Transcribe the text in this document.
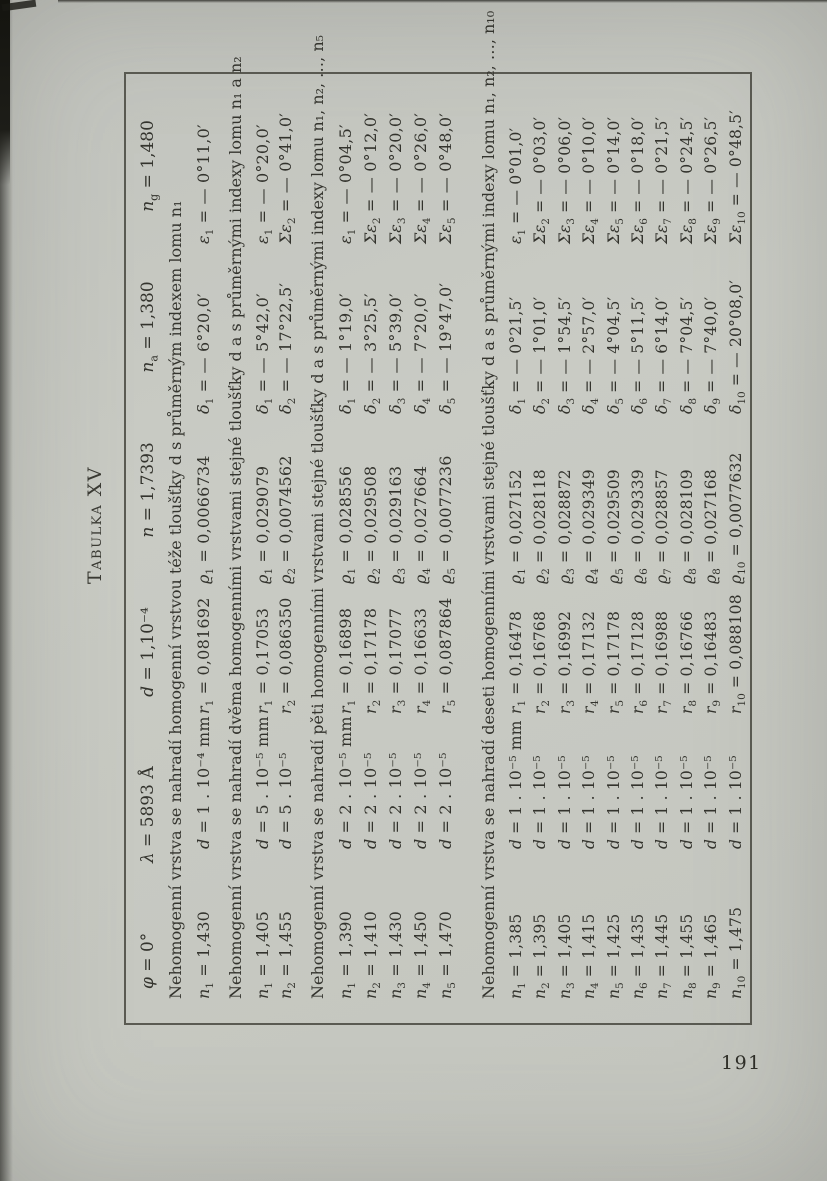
Tabulka XV
φ = 0°
λ = 5893 Å
d = 1,10⁻⁴
n = 1,7393
$n_a = 1,380$
$n_g = 1,480$
Nehomogenní vrstva se nahradí homogenní vrstvou téže tloušťky d s průměrným indexem lomu n₁ $n_1 = 1,430$
d = 1 . 10⁻⁴ mm
$r_1 = 0,081692$
$ϱ_1 = 0,0066734$
$\delta_1$ = — 6°20,0′
$\varepsilon_1$ = — 0°11,0′ Nehomogenní vrstva se nahradí dvěma homogenními vrstvami stejné tloušťky d a s průměrnými indexy lomu n₁ a n₂ $n_1 = 1,405$
d = 5 . 10⁻⁵ mm
$r_1 = 0,17053$
$ϱ_1 = 0,029079$
$\delta_1$ = — 5°42,0′
$\varepsilon_1$ = — 0°20,0′
$n_2 = 1,455$
d = 5 . 10⁻⁵
$r_2 = 0,086350$
$ϱ_2 = 0,0074562$
$\delta_2$ = — 17°22,5′
$\Sigma\varepsilon_2$ = — 0°41,0′ Nehomogenní vrstva se nahradí pěti homogenními vrstvami stejné tloušťky d a s průměrnými indexy lomu n₁, n₂, …, n₅ $n_1 = 1,390$
d = 2 . 10⁻⁵ mm
$r_1 = 0,16898$
$ϱ_1 = 0,028556$
$\delta_1$ = — 1°19,0′
$\varepsilon_1$ = — 0°04,5′
$n_2 = 1,410$
d = 2 . 10⁻⁵
$r_2 = 0,17178$
$ϱ_2 = 0,029508$
$\delta_2$ = — 3°25,5′
$\Sigma\varepsilon_2$ = — 0°12,0′
$n_3 = 1,430$
d = 2 . 10⁻⁵
$r_3 = 0,17077$
$ϱ_3 = 0,029163$
$\delta_3$ = — 5°39,0′
$\Sigma\varepsilon_3$ = — 0°20,0′
$n_4 = 1,450$
d = 2 . 10⁻⁵
$r_4 = 0,16633$
$ϱ_4 = 0,027664$
$\delta_4$ = — 7°20,0′
$\Sigma\varepsilon_4$ = — 0°26,0′
$n_5 = 1,470$
d = 2 . 10⁻⁵
$r_5 = 0,087864$
$ϱ_5 = 0,0077236$
$\delta_5$ = — 19°47,0′
$\Sigma\varepsilon_5$ = — 0°48,0′ Nehomogenní vrstva se nahradí deseti homogenními vrstvami stejné tloušťky d a s průměrnými indexy lomu n₁, n₂, …, n₁₀ $n_1 = 1,385$
d = 1 . 10⁻⁵ mm
$r_1 = 0,16478$
$ϱ_1 = 0,027152$
$\delta_1$ = — 0°21,5′
$\varepsilon_1$ = — 0°01,0′
$n_2 = 1,395$
d = 1 . 10⁻⁵
$r_2 = 0,16768$
$ϱ_2 = 0,028118$
$\delta_2$ = — 1°01,0′
$\Sigma\varepsilon_2$ = — 0°03,0′
$n_3 = 1,405$
d = 1 . 10⁻⁵
$r_3 = 0,16992$
$ϱ_3 = 0,028872$
$\delta_3$ = — 1°54,5′
$\Sigma\varepsilon_3$ = — 0°06,0′
$n_4 = 1,415$
d = 1 . 10⁻⁵
$r_4 = 0,17132$
$ϱ_4 = 0,029349$
$\delta_4$ = — 2°57,0′
$\Sigma\varepsilon_4$ = — 0°10,0′
$n_5 = 1,425$
d = 1 . 10⁻⁵
$r_5 = 0,17178$
$ϱ_5 = 0,029509$
$\delta_5$ = — 4°04,5′
$\Sigma\varepsilon_5$ = — 0°14,0′
$n_6 = 1,435$
d = 1 . 10⁻⁵
$r_6 = 0,17128$
$ϱ_6 = 0,029339$
$\delta_6$ = — 5°11,5′
$\Sigma\varepsilon_6$ = — 0°18,0′
$n_7 = 1,445$
d = 1 . 10⁻⁵
$r_7 = 0,16988$
$ϱ_7 = 0,028857$
$\delta_7$ = — 6°14,0′
$\Sigma\varepsilon_7$ = — 0°21,5′
$n_8 = 1,455$
d = 1 . 10⁻⁵
$r_8 = 0,16766$
$ϱ_8 = 0,028109$
$\delta_8$ = — 7°04,5′
$\Sigma\varepsilon_8$ = — 0°24,5′
$n_9 = 1,465$
d = 1 . 10⁻⁵
$r_9 = 0,16483$
$ϱ_8 = 0,027168$
$\delta_9$ = — 7°40,0′
$\Sigma\varepsilon_9$ = — 0°26,5′
$n_{10} = 1,475$
d = 1 . 10⁻⁵
$r_{10} = 0,088108$
$ϱ_{10} = 0,0077632$
$\delta_{10}$ = — 20°08,0′
$\Sigma\varepsilon_{10}$ = — 0°48,5′
191
